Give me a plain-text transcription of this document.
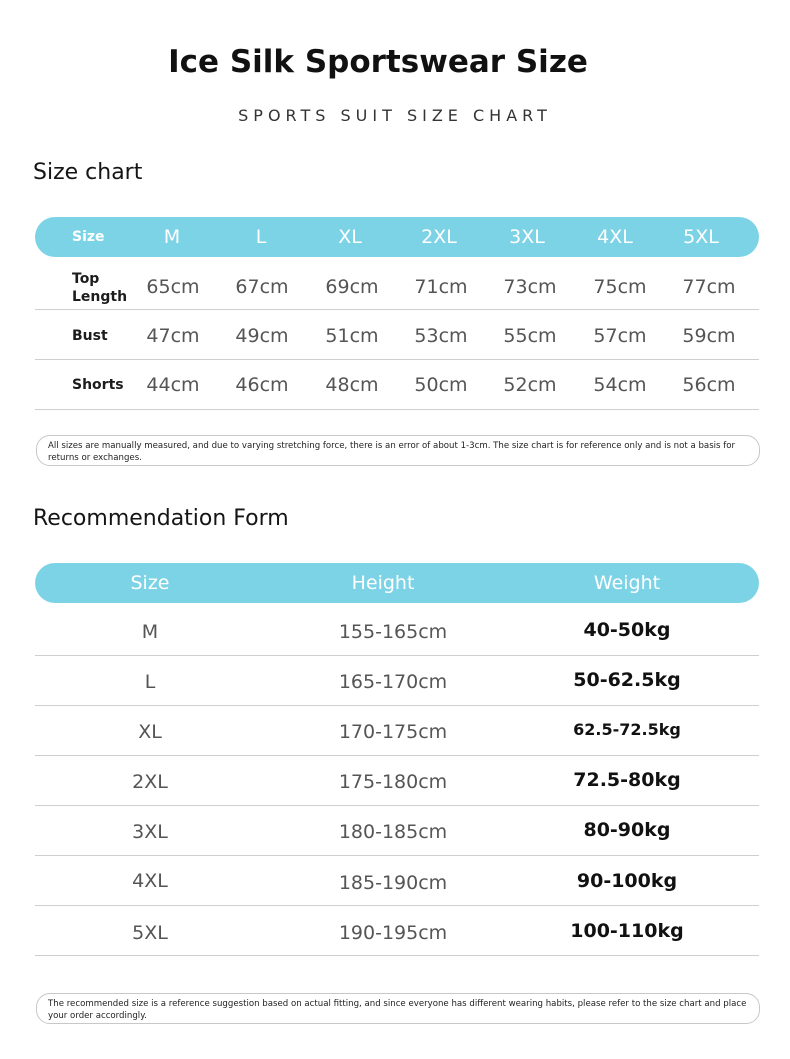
Ice Silk Sportswear Size
SPORTS SUIT SIZE CHART
Size chart
Size	M	L	XL	2XL	3XL	4XL	5XL
Top Length	65cm	67cm	69cm	71cm	73cm	75cm	77cm
Bust	47cm	49cm	51cm	53cm	55cm	57cm	59cm
Shorts	44cm	46cm	48cm	50cm	52cm	54cm	56cm
All sizes are manually measured, and due to varying stretching force, there is an error of about 1-3cm. The size chart is for reference only and is not a basis for returns or exchanges.
Recommendation Form
Size	Height	Weight
M	155-165cm	40-50kg
L	165-170cm	50-62.5kg
XL	170-175cm	62.5-72.5kg
2XL	175-180cm	72.5-80kg
3XL	180-185cm	80-90kg
4XL	185-190cm	90-100kg
5XL	190-195cm	100-110kg
The recommended size is a reference suggestion based on actual fitting, and since everyone has different wearing habits, please refer to the size chart and place your order accordingly.
